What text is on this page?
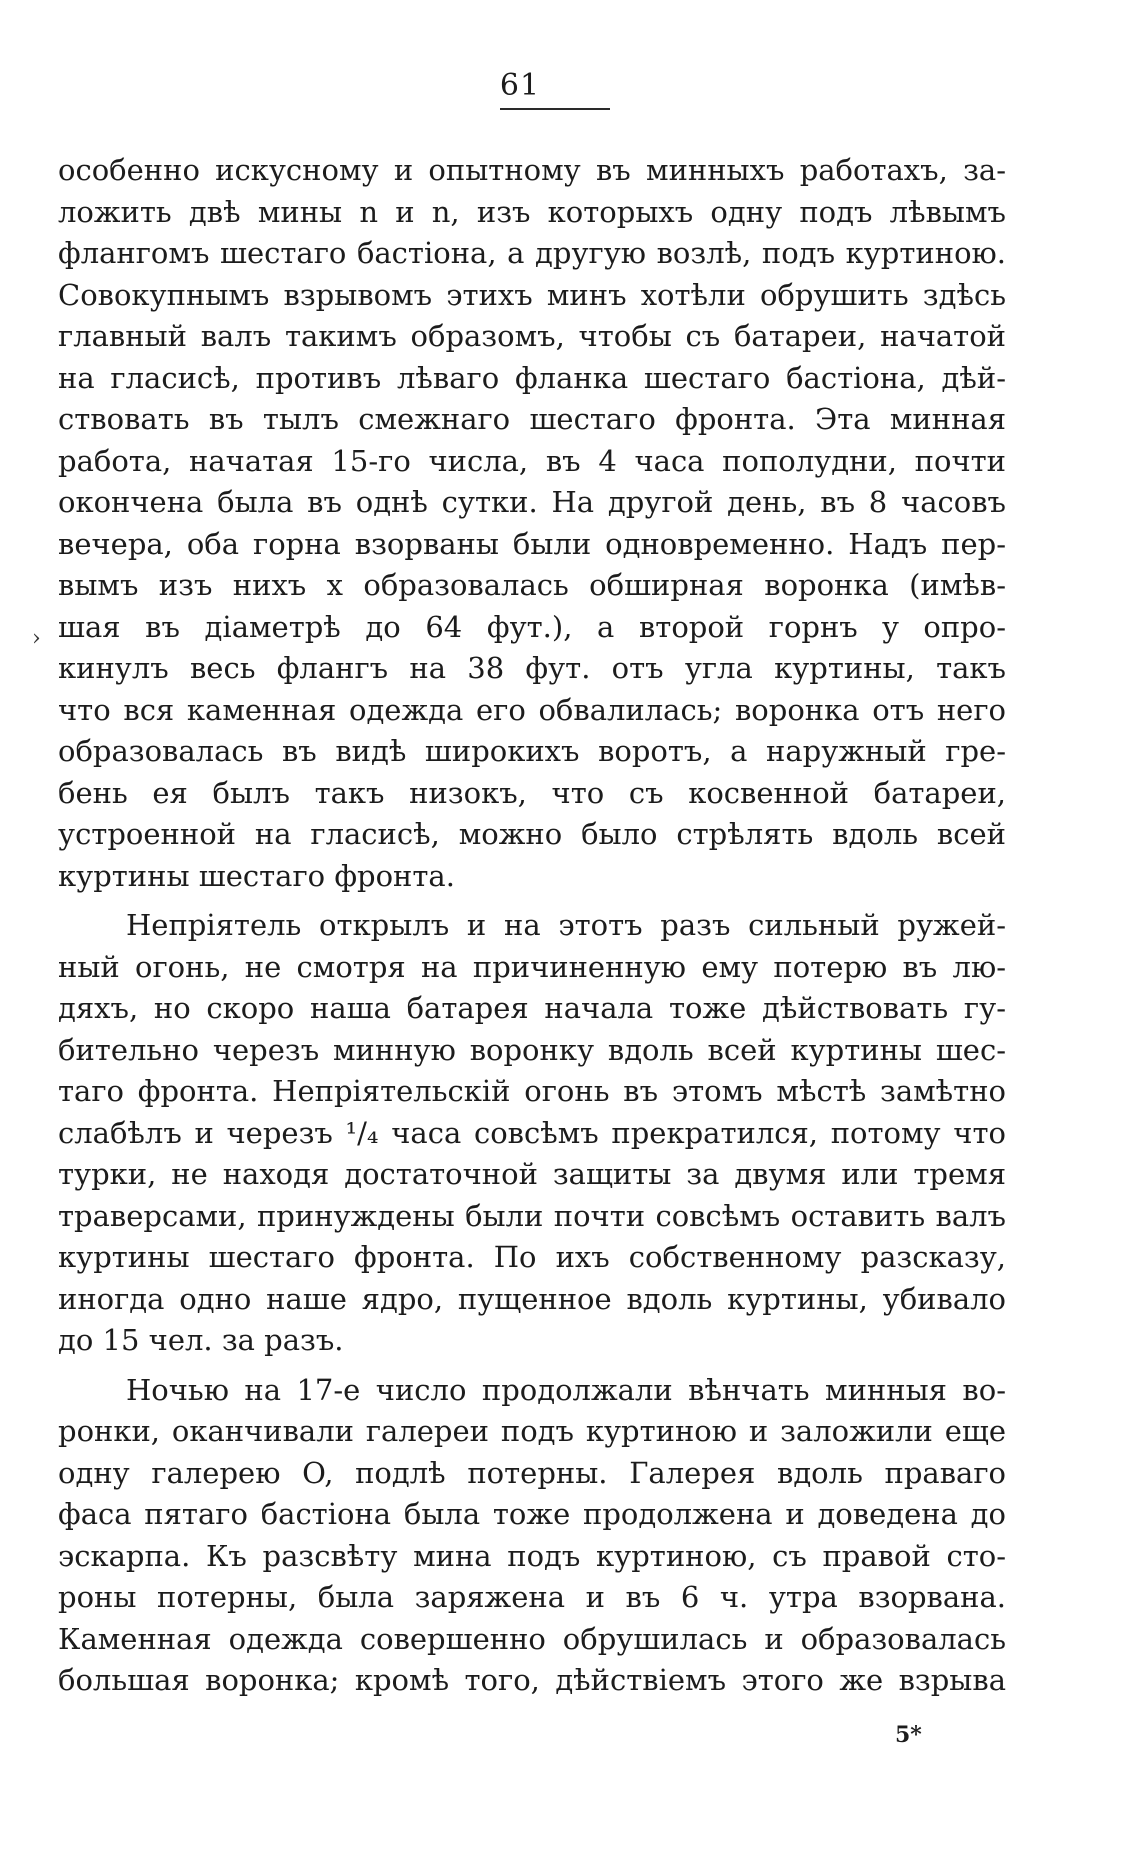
61
›
особенно искусному и опытному въ минныхъ работахъ, за-
ложить двѣ мины n и n, изъ которыхъ одну подъ лѣвымъ
флангомъ шестаго бастіона, а другую возлѣ, подъ куртиною.
Совокупнымъ взрывомъ этихъ минъ хотѣли обрушить здѣсь
главный валъ такимъ образомъ, чтобы съ батареи, начатой
на гласисѣ, противъ лѣваго фланка шестаго бастіона, дѣй-
ствовать въ тылъ смежнаго шестаго фронта. Эта минная
работа, начатая 15-го числа, въ 4 часа пополудни, почти
окончена была въ однѣ сутки. На другой день, въ 8 часовъ
вечера, оба горна взорваны были одновременно. Надъ пер-
вымъ изъ нихъ x образовалась обширная воронка (имѣв-
шая въ діаметрѣ до 64 фут.), а второй горнъ y опро-
кинулъ весь флангъ на 38 фут. отъ угла куртины, такъ
что вся каменная одежда его обвалилась; воронка отъ него
образовалась въ видѣ широкихъ воротъ, а наружный гре-
бень ея былъ такъ низокъ, что съ косвенной батареи,
устроенной на гласисѣ, можно было стрѣлять вдоль всей
куртины шестаго фронта.
Непріятель открылъ и на этотъ разъ сильный ружей-
ный огонь, не смотря на причиненную ему потерю въ лю-
дяхъ, но скоро наша батарея начала тоже дѣйствовать гу-
бительно черезъ минную воронку вдоль всей куртины шес-
таго фронта. Непріятельскій огонь въ этомъ мѣстѣ замѣтно
слабѣлъ и черезъ ¹/₄ часа совсѣмъ прекратился, потому что
турки, не находя достаточной защиты за двумя или тремя
траверсами, принуждены были почти совсѣмъ оставить валъ
куртины шестаго фронта. По ихъ собственному разсказу,
иногда одно наше ядро, пущенное вдоль куртины, убивало
до 15 чел. за разъ.
Ночью на 17-е число продолжали вѣнчать минныя во-
ронки, оканчивали галереи подъ куртиною и заложили еще
одну галерею O, подлѣ потерны. Галерея вдоль праваго
фаса пятаго бастіона была тоже продолжена и доведена до
эскарпа. Къ разсвѣту мина подъ куртиною, съ правой сто-
роны потерны, была заряжена и въ 6 ч. утра взорвана.
Каменная одежда совершенно обрушилась и образовалась
большая воронка; кромѣ того, дѣйствіемъ этого же взрыва
5*
